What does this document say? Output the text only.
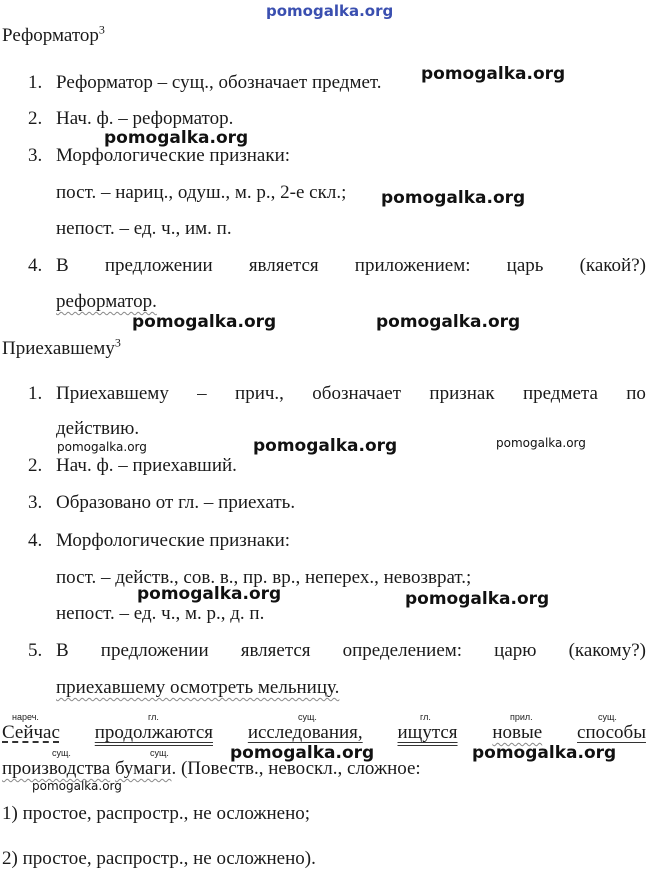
pomogalka.org
pomogalka.org
pomogalka.org
pomogalka.org
pomogalka.org	pomogalka.org
pomogalka.org	pomogalka.org	pomogalka.org
pomogalka.org	pomogalka.org
pomogalka.org	pomogalka.org
pomogalka.org
Реформатор$^3$
1. Реформатор – сущ., обозначает предмет.
2. Нач. ф. – реформатор.
3. Морфологические признаки:
пост. – нариц., одуш., м. р., 2-е скл.;
непост. – ед. ч., им. п.
4. В предложении является приложением: царь (какой?)
реформатор.
Приехавшему$^3$
1. Приехавшему – прич., обозначает признак предмета по
действию.
2. Нач. ф. – приехавший.
3. Образовано от гл. – приехать.
4. Морфологические признаки:
пост. – действ., сов. в., пр. вр., неперех., невозврат.;
непост. – ед. ч., м. р., д. п.
5. В предложении является определением: царю (какому?)
приехавшему осмотреть мельницу.
нареч.	гл.	сущ.	гл.	прил.	сущ.
Сейчас продолжаются исследования, ищутся новые способы
сущ.	сущ.
производства бумаги. (Повеств., невоскл., сложное:
1) простое, распростр., не осложнено;
2) простое, распростр., не осложнено).
